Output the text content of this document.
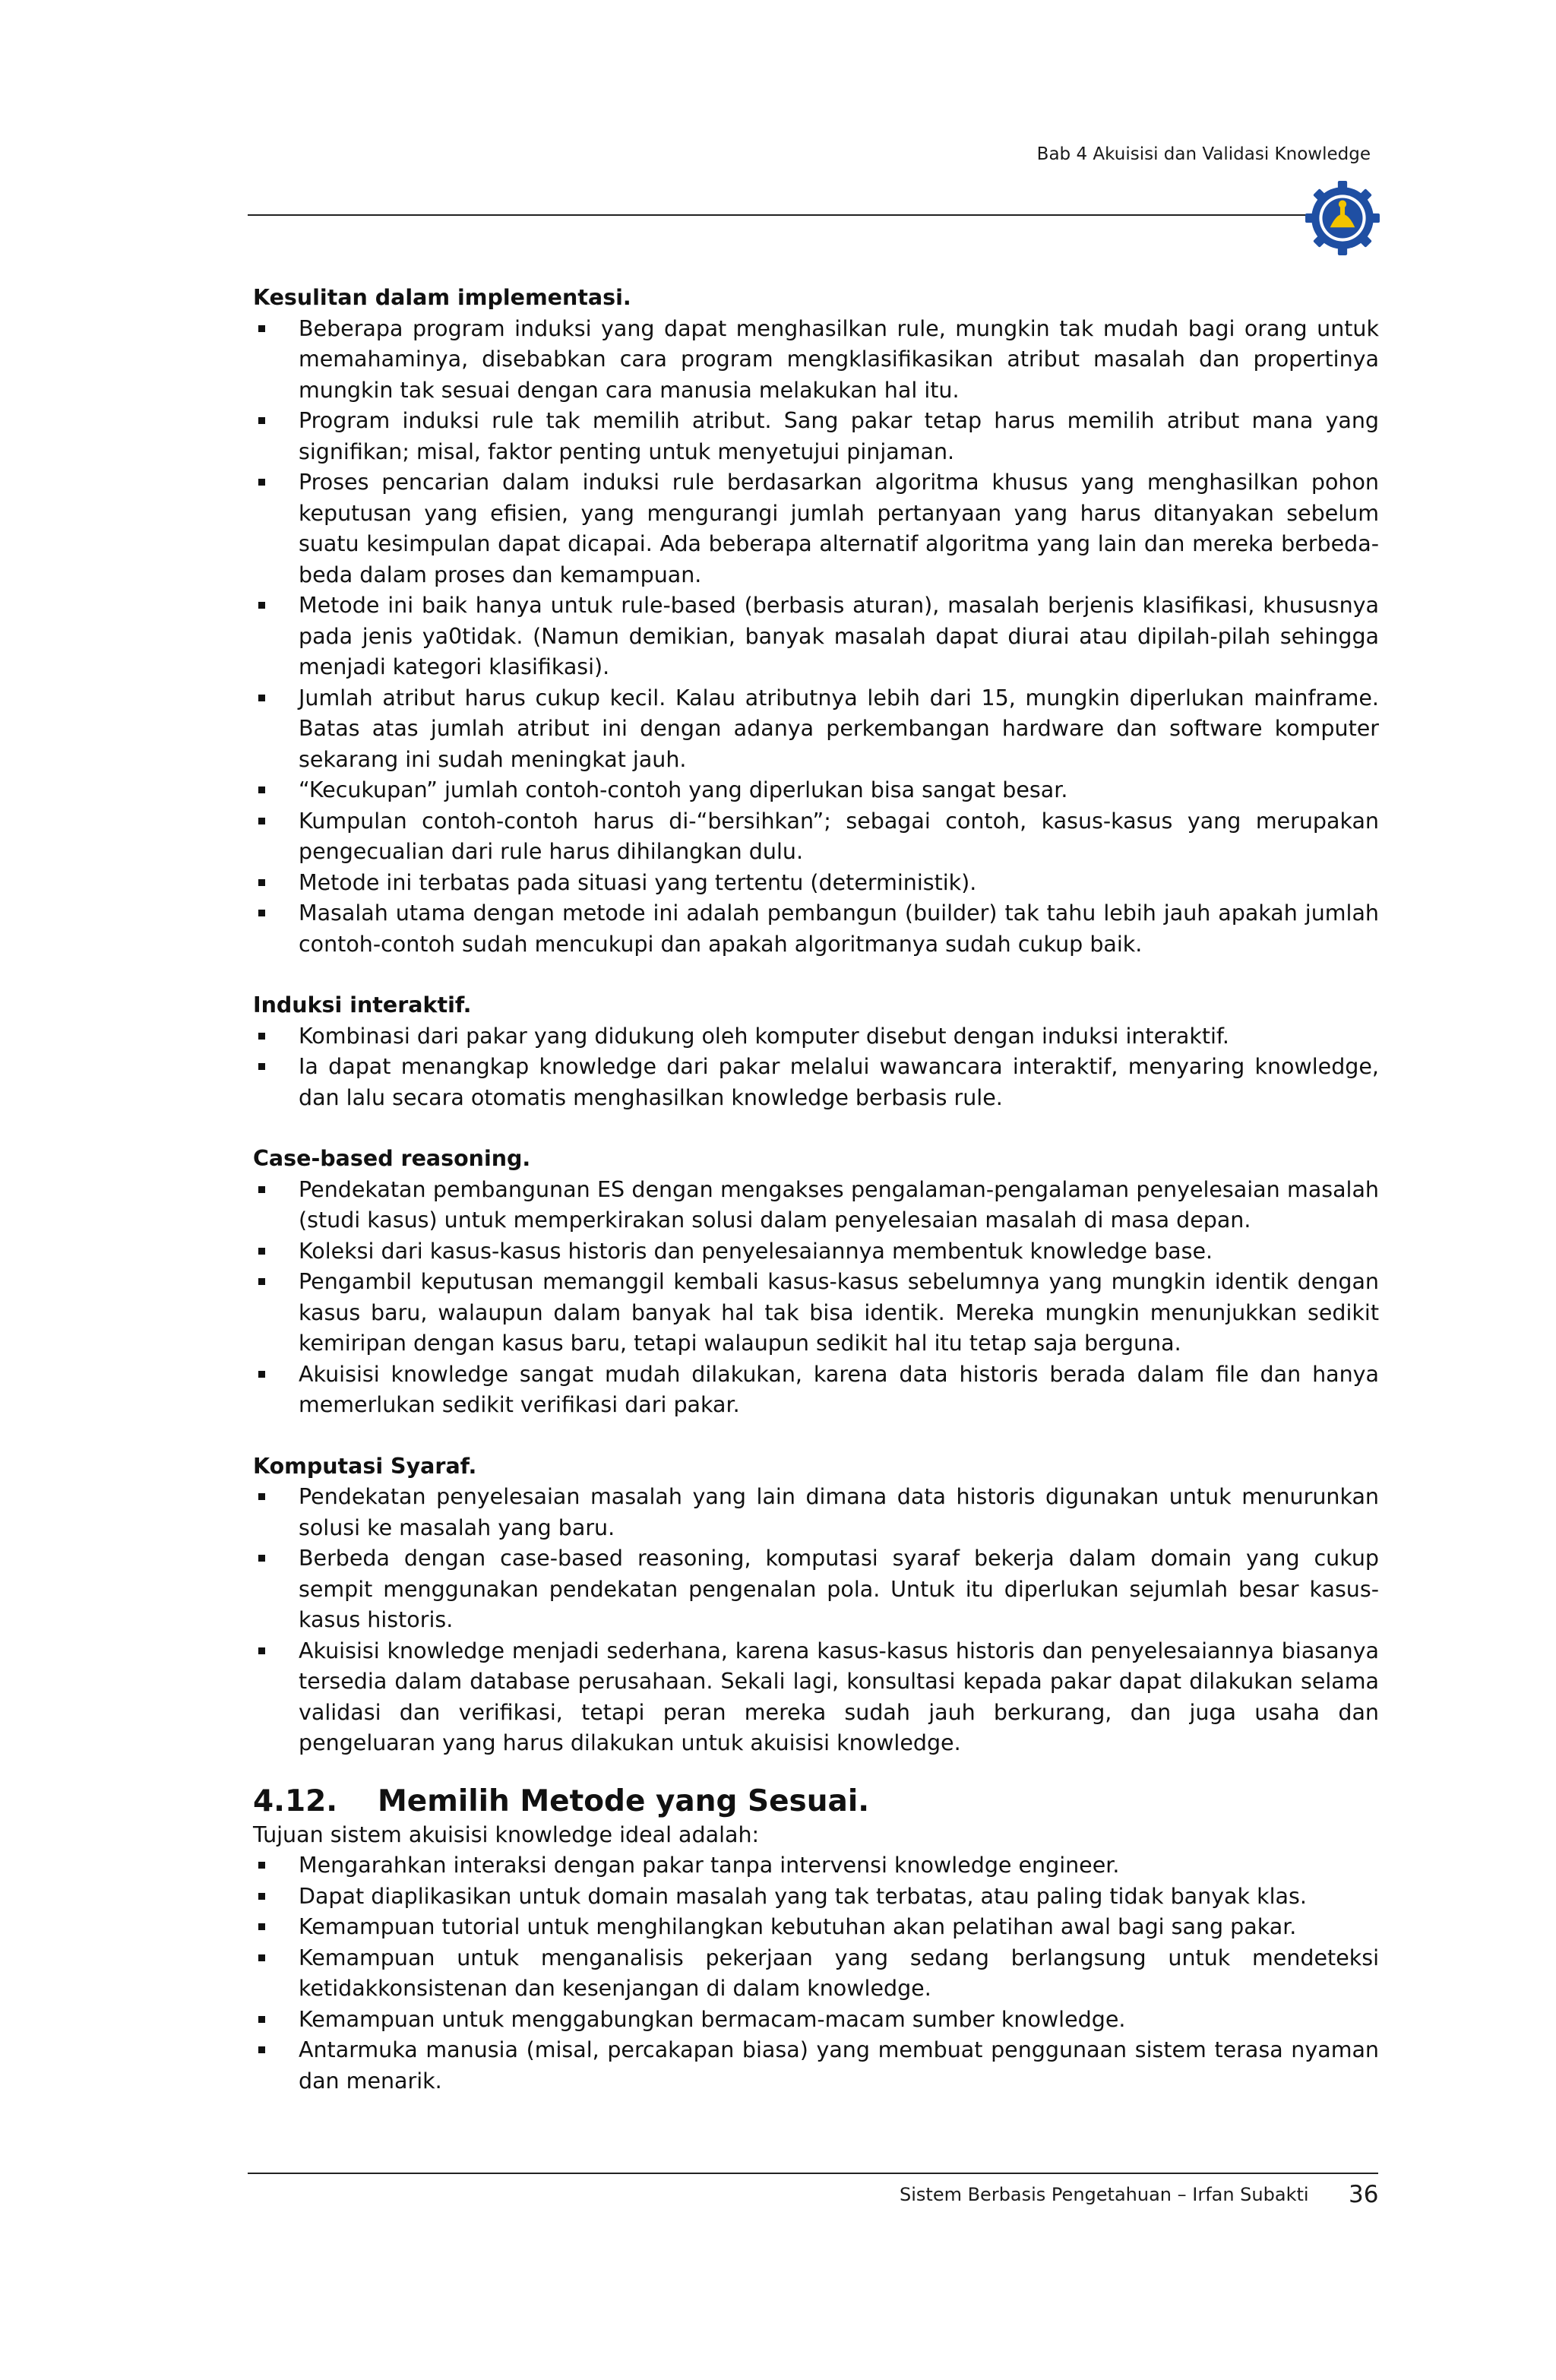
Bab 4 Akuisisi dan Validasi Knowledge

Kesulitan dalam implementasi.

Beberapa program induksi yang dapat menghasilkan rule, mungkin tak mudah bagi orang untuk memahaminya, disebabkan cara program mengklasifikasikan atribut masalah dan propertinya mungkin tak sesuai dengan cara manusia melakukan hal itu.
Program induksi rule tak memilih atribut. Sang pakar tetap harus memilih atribut mana yang signifikan; misal, faktor penting untuk menyetujui pinjaman.
Proses pencarian dalam induksi rule berdasarkan algoritma khusus yang menghasilkan pohon keputusan yang efisien, yang mengurangi jumlah pertanyaan yang harus ditanyakan sebelum suatu kesimpulan dapat dicapai. Ada beberapa alternatif algoritma yang lain dan mereka berbeda-beda dalam proses dan kemampuan.
Metode ini baik hanya untuk rule-based (berbasis aturan), masalah berjenis klasifikasi, khususnya pada jenis ya0tidak. (Namun demikian, banyak masalah dapat diurai atau dipilah-pilah sehingga menjadi kategori klasifikasi).
Jumlah atribut harus cukup kecil. Kalau atributnya lebih dari 15, mungkin diperlukan mainframe. Batas atas jumlah atribut ini dengan adanya perkembangan hardware dan software komputer sekarang ini sudah meningkat jauh.
“Kecukupan” jumlah contoh-contoh yang diperlukan bisa sangat besar.
Kumpulan contoh-contoh harus di-“bersihkan”; sebagai contoh, kasus-kasus yang merupakan pengecualian dari rule harus dihilangkan dulu.
Metode ini terbatas pada situasi yang tertentu (deterministik).
Masalah utama dengan metode ini adalah pembangun (builder) tak tahu lebih jauh apakah jumlah contoh-contoh sudah mencukupi dan apakah algoritmanya sudah cukup baik.

Induksi interaktif.

Kombinasi dari pakar yang didukung oleh komputer disebut dengan induksi interaktif.
Ia dapat menangkap knowledge dari pakar melalui wawancara interaktif, menyaring knowledge, dan lalu secara otomatis menghasilkan knowledge berbasis rule.

Case-based reasoning.

Pendekatan pembangunan ES dengan mengakses pengalaman-pengalaman penyelesaian masalah (studi kasus) untuk memperkirakan solusi dalam penyelesaian masalah di masa depan.
Koleksi dari kasus-kasus historis dan penyelesaiannya membentuk knowledge base.
Pengambil keputusan memanggil kembali kasus-kasus sebelumnya yang mungkin identik dengan kasus baru, walaupun dalam banyak hal tak bisa identik. Mereka mungkin menunjukkan sedikit kemiripan dengan kasus baru, tetapi walaupun sedikit hal itu tetap saja berguna.
Akuisisi knowledge sangat mudah dilakukan, karena data historis berada dalam file dan hanya memerlukan sedikit verifikasi dari pakar.

Komputasi Syaraf.

Pendekatan penyelesaian masalah yang lain dimana data historis digunakan untuk menurunkan solusi ke masalah yang baru.
Berbeda dengan case-based reasoning, komputasi syaraf bekerja dalam domain yang cukup sempit menggunakan pendekatan pengenalan pola. Untuk itu diperlukan sejumlah besar kasus-kasus historis.
Akuisisi knowledge menjadi sederhana, karena kasus-kasus historis dan penyelesaiannya biasanya tersedia dalam database perusahaan. Sekali lagi, konsultasi kepada pakar dapat dilakukan selama validasi dan verifikasi, tetapi peran mereka sudah jauh berkurang, dan juga usaha dan pengeluaran yang harus dilakukan untuk akuisisi knowledge.
4.12. Memilih Metode yang Sesuai.

Tujuan sistem akuisisi knowledge ideal adalah:

Mengarahkan interaksi dengan pakar tanpa intervensi knowledge engineer.
Dapat diaplikasikan untuk domain masalah yang tak terbatas, atau paling tidak banyak klas.
Kemampuan tutorial untuk menghilangkan kebutuhan akan pelatihan awal bagi sang pakar.
Kemampuan untuk menganalisis pekerjaan yang sedang berlangsung untuk mendeteksi ketidakkonsistenan dan kesenjangan di dalam knowledge.
Kemampuan untuk menggabungkan bermacam-macam sumber knowledge.
Antarmuka manusia (misal, percakapan biasa) yang membuat penggunaan sistem terasa nyaman dan menarik.
Sistem Berbasis Pengetahuan – Irfan Subakti 36
